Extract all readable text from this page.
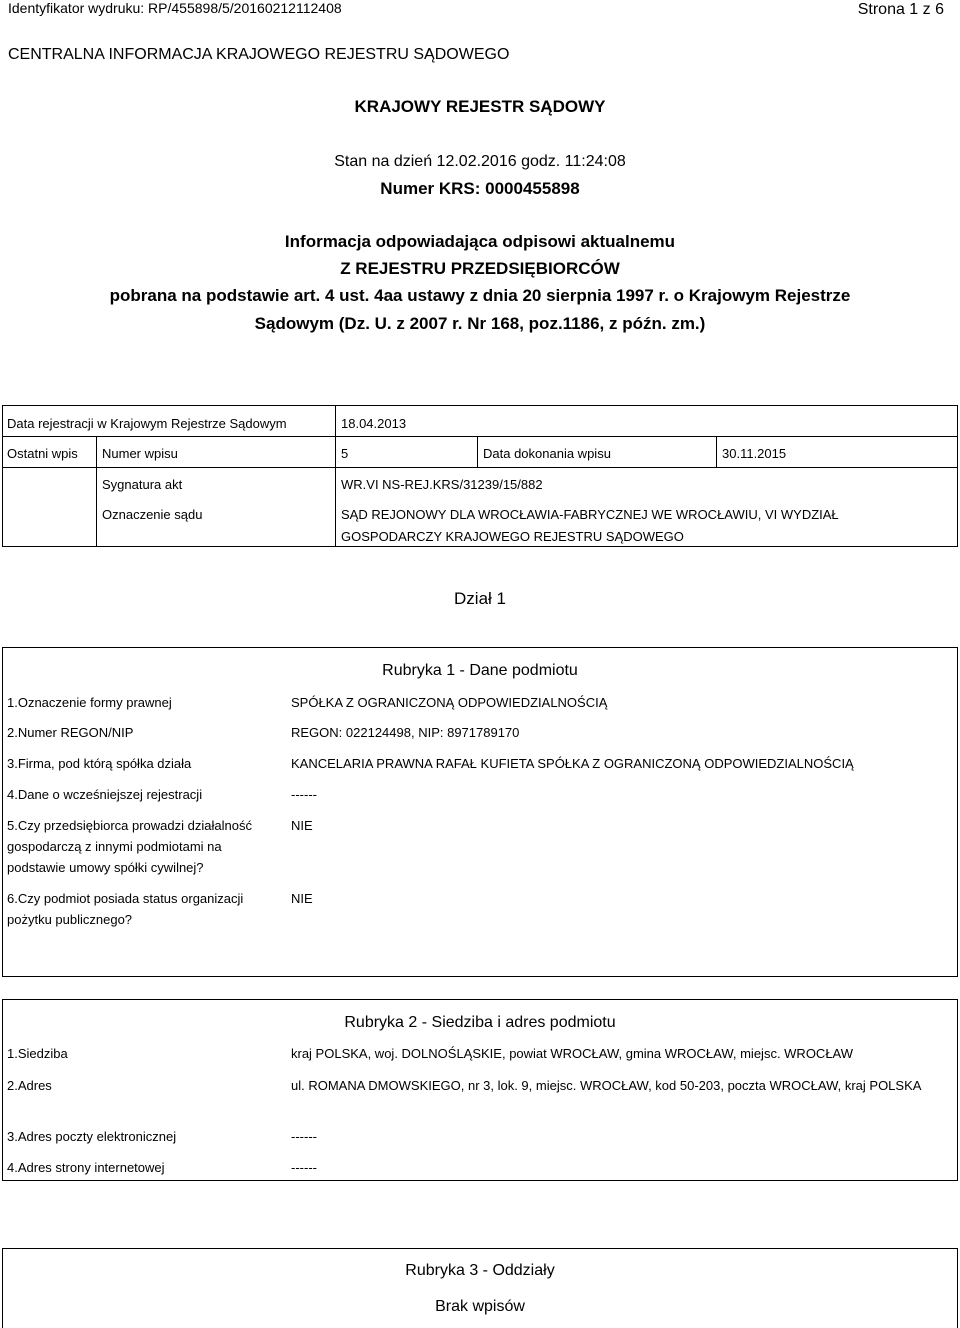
Identyfikator wydruku: RP/455898/5/20160212112408	Strona 1 z 6
CENTRALNA INFORMACJA KRAJOWEGO REJESTRU SĄDOWEGO
KRAJOWY REJESTR SĄDOWY
Stan na dzień 12.02.2016 godz. 11:24:08
Numer KRS: 0000455898
Informacja odpowiadająca odpisowi aktualnemu
Z REJESTRU PRZEDSIĘBIORCÓW
pobrana na podstawie art. 4 ust. 4aa ustawy z dnia 20 sierpnia 1997 r. o Krajowym Rejestrze
Sądowym (Dz. U. z 2007 r. Nr 168, poz.1186, z późn. zm.)
Data rejestracji w Krajowym Rejestrze Sądowym	18.04.2013
Ostatni wpis Numer wpisu	5	Data dokonania wpisu	30.11.2015
Sygnatura akt	WR.VI NS-REJ.KRS/31239/15/882
Oznaczenie sądu	SĄD REJONOWY DLA WROCŁAWIA-FABRYCZNEJ WE WROCŁAWIU, VI WYDZIAŁ
GOSPODARCZY KRAJOWEGO REJESTRU SĄDOWEGO
Dział 1
Rubryka 1 - Dane podmiotu
1.Oznaczenie formy prawnej	SPÓŁKA Z OGRANICZONĄ ODPOWIEDZIALNOŚCIĄ
2.Numer REGON/NIP	REGON: 022124498, NIP: 8971789170
3.Firma, pod którą spółka działa	KANCELARIA PRAWNA RAFAŁ KUFIETA SPÓŁKA Z OGRANICZONĄ ODPOWIEDZIALNOŚCIĄ
4.Dane o wcześniejszej rejestracji	------
5.Czy przedsiębiorca prowadzi działalność gospodarczą z innymi podmiotami na podstawie umowy spółki cywilnej?
NIE
6.Czy podmiot posiada status organizacji pożytku publicznego?
NIE
Rubryka 2 - Siedziba i adres podmiotu
1.Siedziba	kraj POLSKA, woj. DOLNOŚLĄSKIE, powiat WROCŁAW, gmina WROCŁAW, miejsc. WROCŁAW
2.Adres	ul. ROMANA DMOWSKIEGO, nr 3, lok. 9, miejsc. WROCŁAW, kod 50-203, poczta WROCŁAW, kraj POLSKA
3.Adres poczty elektronicznej	------
4.Adres strony internetowej	------
Rubryka 3 - Oddziały
Brak wpisów
